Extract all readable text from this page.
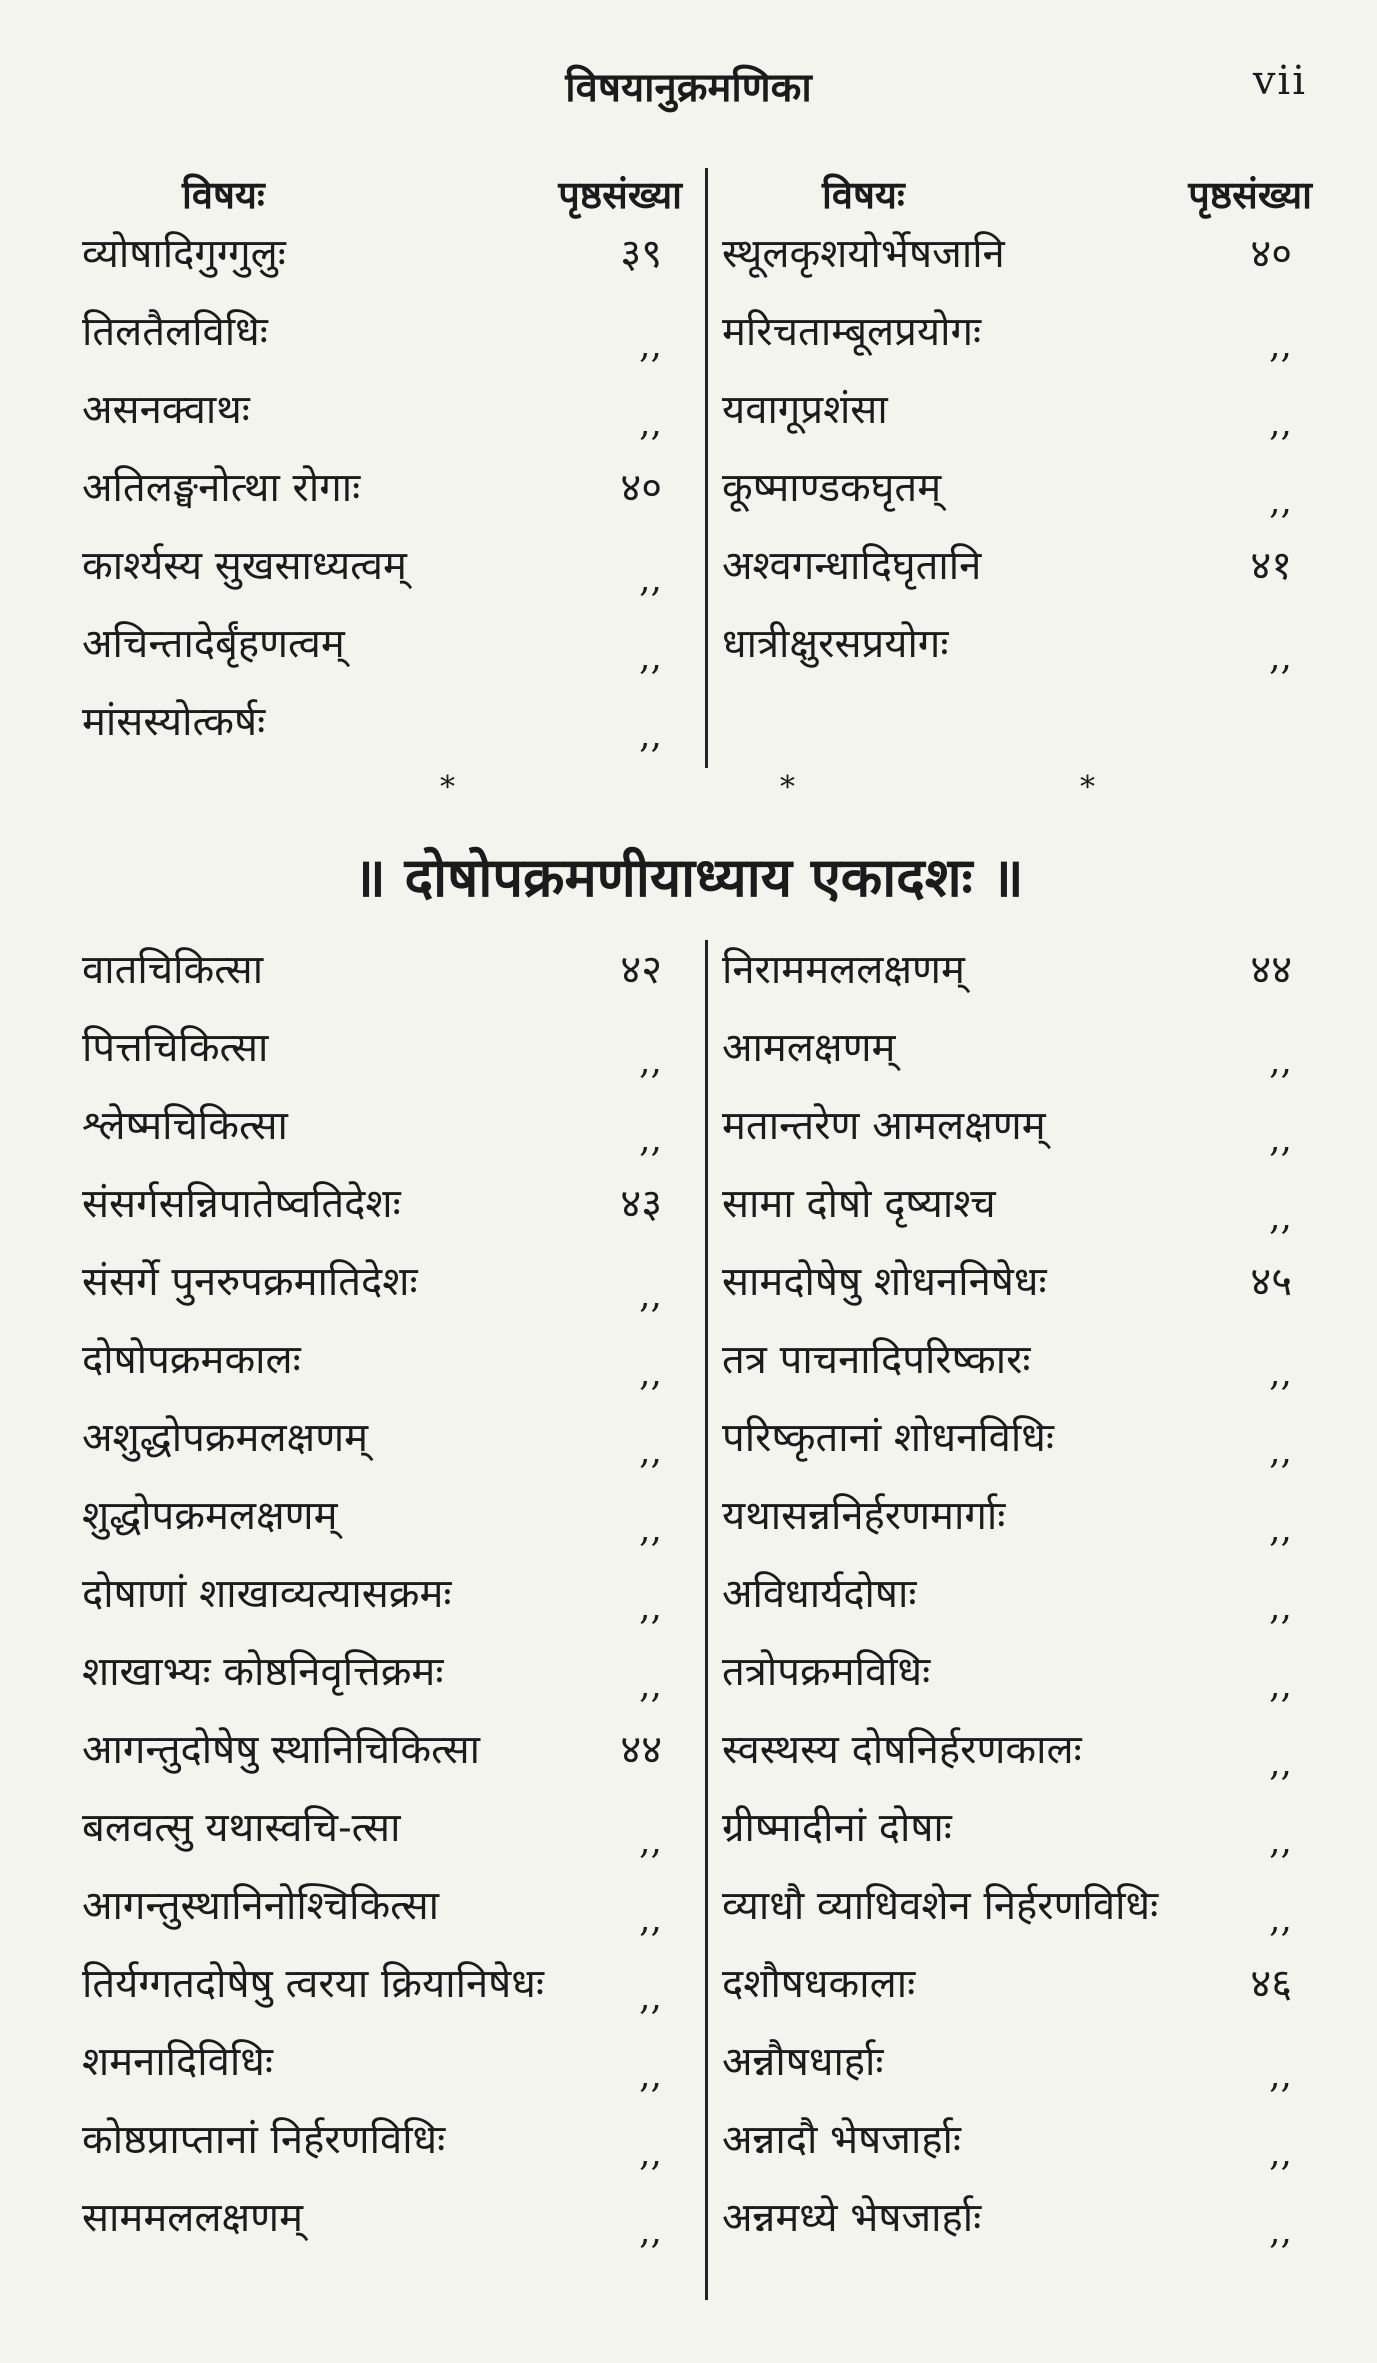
विषयानुक्रमणिका	vii
विषयः	पृष्ठसंख्या
व्योषादिगुग्गुलुः	३९
तिलतैलविधिः	,,
असनक्वाथः	,,
अतिलङ्घनोत्था रोगाः	४०
कार्श्यस्य सुखसाध्यत्वम्	,,
अचिन्तादेर्बृंहणत्वम्	,,
मांसस्योत्कर्षः	,,
विषयः	पृष्ठसंख्या
स्थूलकृशयोर्भेषजानि	४०
मरिचताम्बूलप्रयोगः	,,
यवागूप्रशंसा	,,
कूष्माण्डकघृतम्	,,
अश्वगन्धादिघृतानि	४१
धात्रीक्षुरसप्रयोगः	,,
*	*	*
॥ दोषोपक्रमणीयाध्याय एकादशः ॥
वातचिकित्सा	४२
पित्तचिकित्सा	,,
श्लेष्मचिकित्सा	,,
संसर्गसन्निपातेष्वतिदेशः	४३
संसर्गे पुनरुपक्रमातिदेशः	,,
दोषोपक्रमकालः	,,
अशुद्धोपक्रमलक्षणम्	,,
शुद्धोपक्रमलक्षणम्	,,
दोषाणां शाखाव्यत्यासक्रमः	,,
शाखाभ्यः कोष्ठनिवृत्तिक्रमः	,,
आगन्तुदोषेषु स्थानिचिकित्सा	४४
बलवत्सु यथास्वचि-त्सा	,,
आगन्तुस्थानिनोश्चिकित्सा	,,
तिर्यग्गतदोषेषु त्वरया क्रियानिषेधः	,,
शमनादिविधिः	,,
कोष्ठप्राप्तानां निर्हरणविधिः	,,
साममललक्षणम्	,,
निराममललक्षणम्	४४
आमलक्षणम्	,,
मतान्तरेण आमलक्षणम्	,,
सामा दोषो दृष्याश्च	,,
सामदोषेषु शोधननिषेधः	४५
तत्र पाचनादिपरिष्कारः	,,
परिष्कृतानां शोधनविधिः	,,
यथासन्ननिर्हरणमार्गाः	,,
अविधार्यदोषाः	,,
तत्रोपक्रमविधिः	,,
स्वस्थस्य दोषनिर्हरणकालः	,,
ग्रीष्मादीनां दोषाः	,,
व्याधौ व्याधिवशेन निर्हरणविधिः	,,
दशौषधकालाः	४६
अन्नौषधार्हाः	,,
अन्नादौ भेषजार्हाः	,,
अन्नमध्ये भेषजार्हाः	,,
